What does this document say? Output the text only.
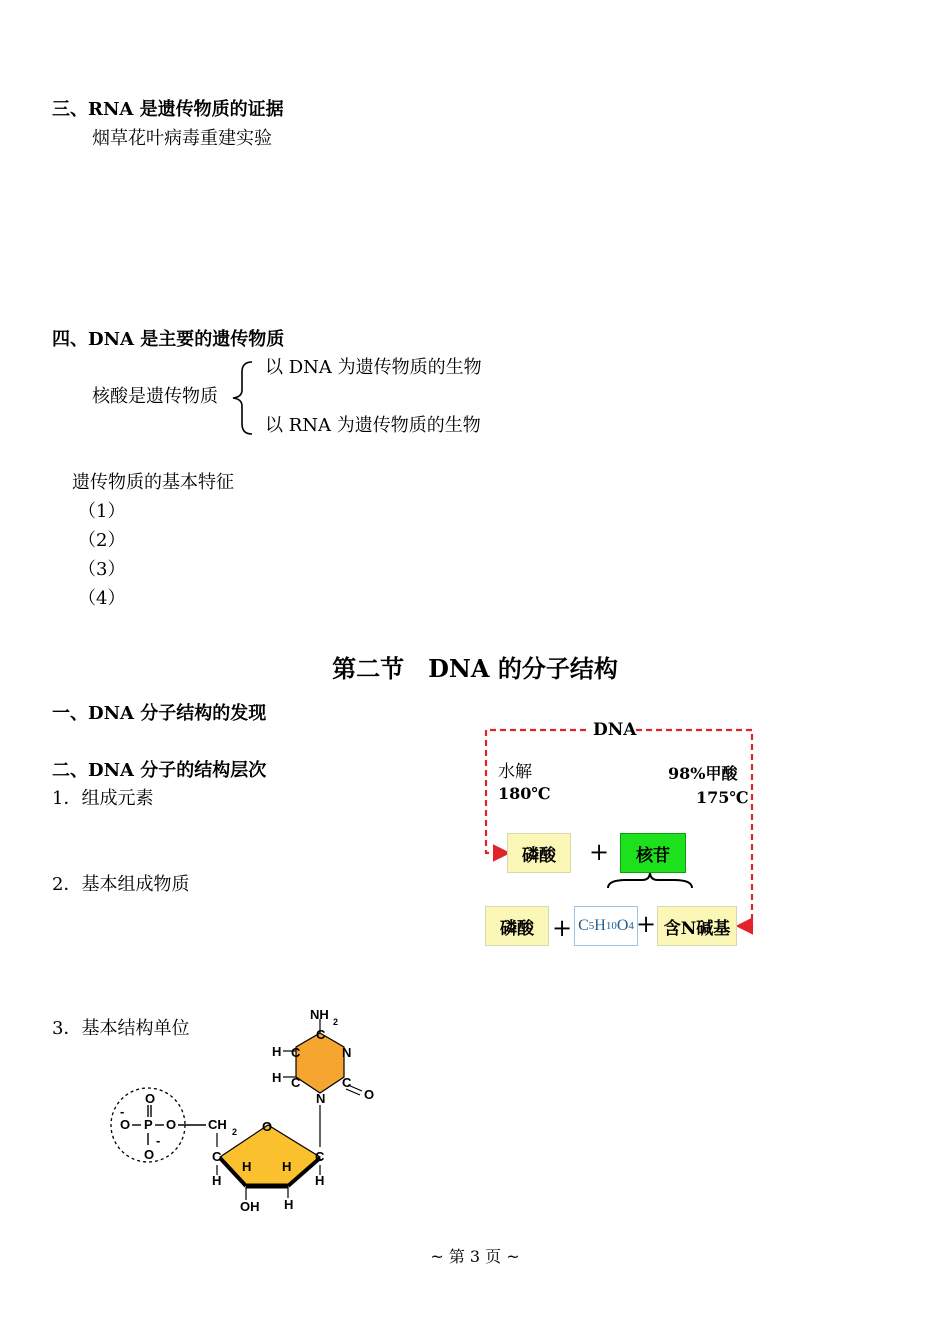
三、RNA 是遗传物质的证据
烟草花叶病毒重建实验
四、DNA 是主要的遗传物质
核酸是遗传物质
以 DNA 为遗传物质的生物
以 RNA 为遗传物质的生物
遗传物质的基本特征
（1）
（2）
（3）
（4）
第二节　DNA 的分子结构
一、DNA 分子结构的发现
二、DNA 分子的结构层次
1．组成元素
2．基本组成物质
3．基本结构单位
DNA
水解
180℃
98%甲酸
175℃
磷酸	+	核苷
磷酸 + C 5 H 10 O 4 + 含N碱基
O
O
-
P O
O
-
CH 2 O
C	C
H	H
H H
OH H
NH 2
C
N
C
O
N
C
C
H
H
~ 第 3 页 ~
